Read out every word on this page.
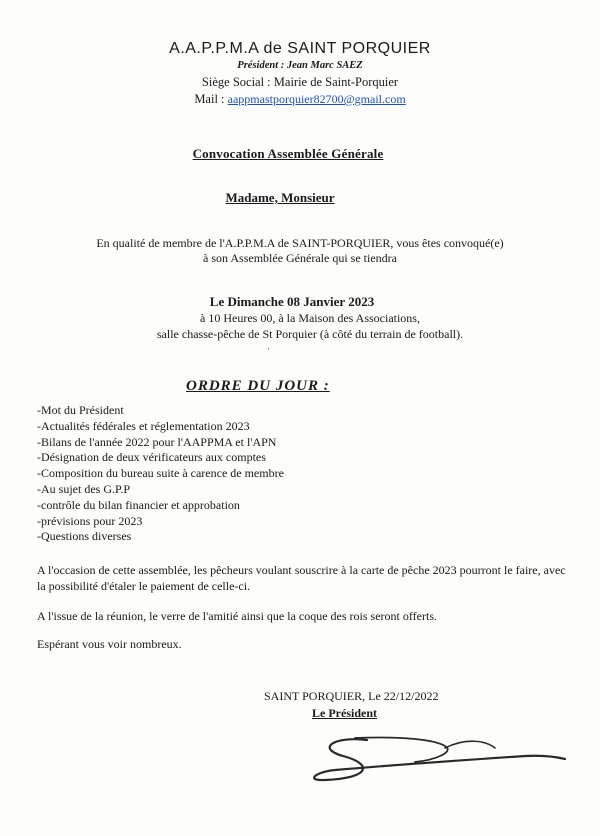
A.A.P.P.M.A de SAINT PORQUIER
Président : Jean Marc SAEZ
Siège Social : Mairie de Saint-Porquier
Mail : aappmastporquier82700@gmail.com
Convocation Assemblée Générale
Madame, Monsieur
En qualité de membre de l'A.P.P.M.A de SAINT-PORQUIER, vous êtes convoqué(e)
à son Assemblée Générale qui se tiendra
Le Dimanche 08 Janvier 2023
à 10 Heures 00, à la Maison des Associations,
salle chasse-pêche de St Porquier (à côté du terrain de football).
ˌ
ORDRE DU JOUR :
-Mot du Président
-Actualités fédérales et réglementation 2023
-Bilans de l'année 2022 pour l'AAPPMA et l'APN
-Désignation de deux vérificateurs aux comptes
-Composition du bureau suite à carence de membre
-Au sujet des G.P.P
-contrôle du bilan financier et approbation
-prévisions pour 2023
-Questions diverses

A l'occasion de cette assemblée, les pêcheurs voulant souscrire à la carte de pêche 2023 pourront le faire, avec la possibilité d'étaler le paiement de celle-ci.

A l'issue de la réunion, le verre de l'amitié ainsi que la coque des rois seront offerts.

Espérant vous voir nombreux.

SAINT PORQUIER, Le 22/12/2022
Le Président
